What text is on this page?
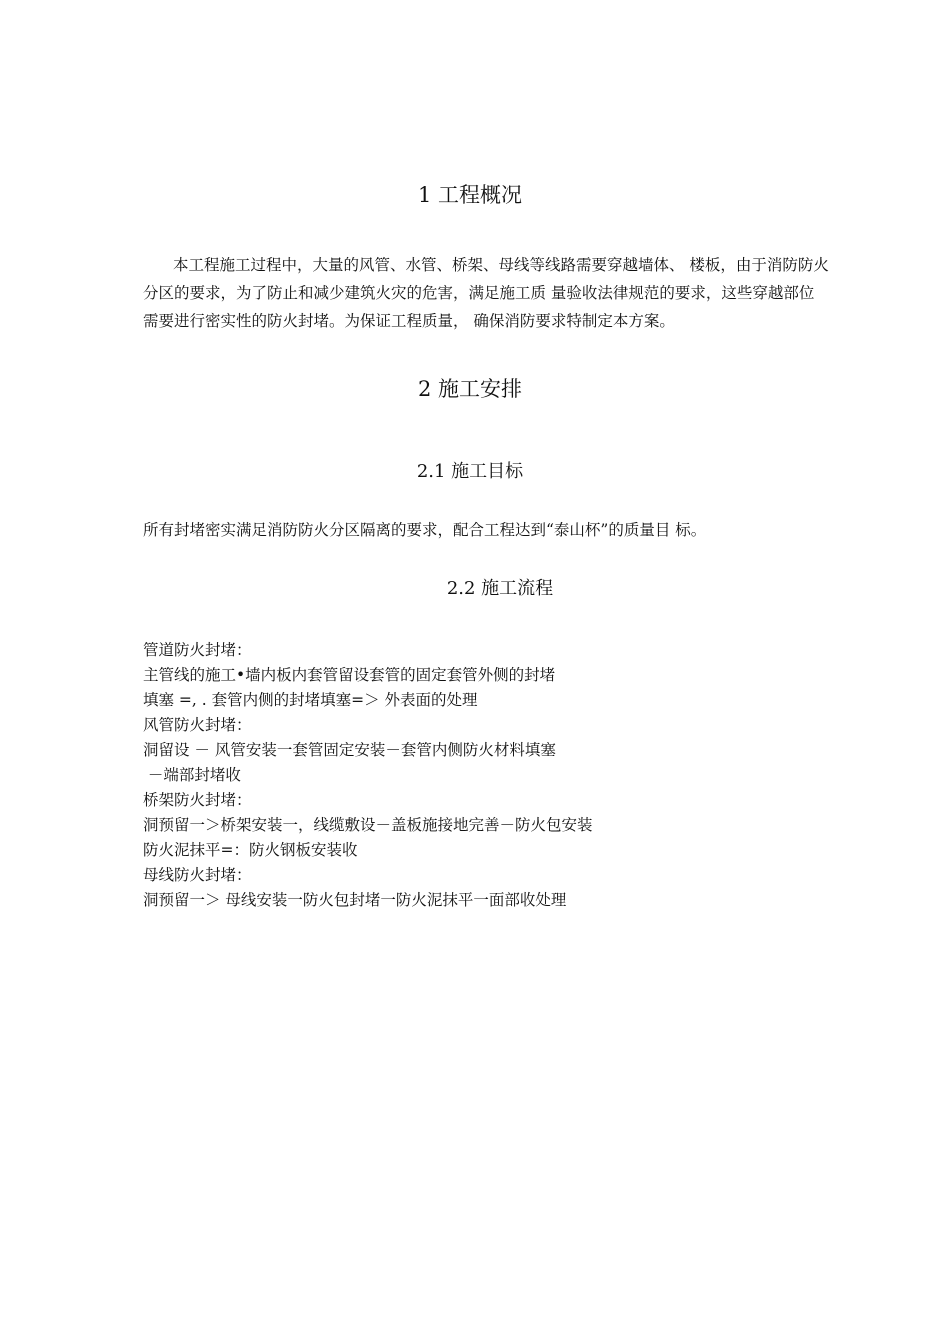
1 工程概况
本工程施工过程中，大量的风管、水管、桥架、母线等线路需要穿越墙体、 楼板，由于消防防火
分区的要求，为了防止和减少建筑火灾的危害，满足施工质 量验收法律规范的要求，这些穿越部位
需要进行密实性的防火封堵。为保证工程质量， 确保消防要求特制定本方案。
2 施工安排
2.1 施工目标
所有封堵密实满足消防防火分区隔离的要求，配合工程达到“泰山杯”的质量目 标。
2.2 施工流程
管道防火封堵：
主管线的施工•墙内板内套管留设套管的固定套管外侧的封堵
填塞 =, . 套管内侧的封堵填塞=＞ 外表面的处理
风管防火封堵：
洞留设 － 风管安装一套管固定安装－套管内侧防火材料填塞
－端部封堵收
桥架防火封堵：
洞预留一＞桥架安装一，线缆敷设－盖板施接地完善－防火包安装
防火泥抹平=：防火钢板安装收
母线防火封堵：
洞预留一＞ 母线安装一防火包封堵一防火泥抹平一面部收处理
